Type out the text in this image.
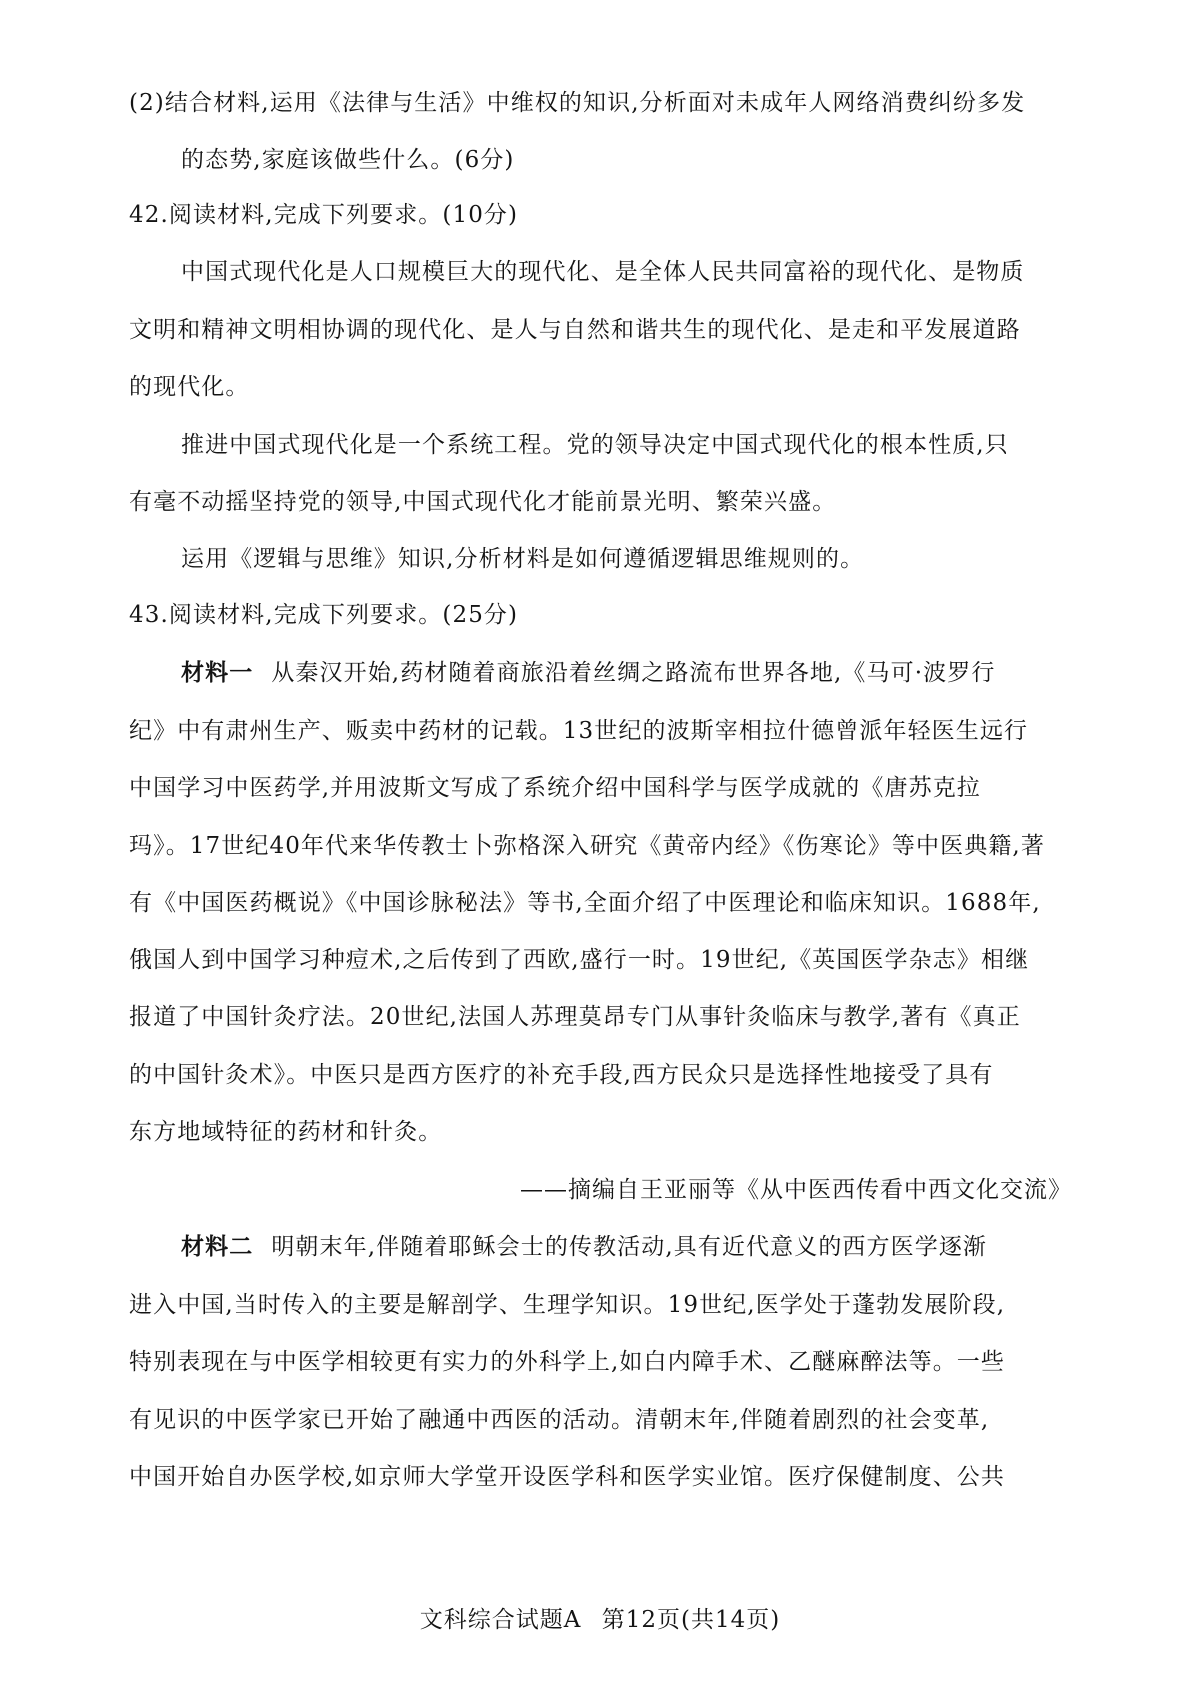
(2)结合材料,运用《法律与生活》中维权的知识,分析面对未成年人网络消费纠纷多发
的态势,家庭该做些什么。(6分)
42.阅读材料,完成下列要求。(10分)
中国式现代化是人口规模巨大的现代化、是全体人民共同富裕的现代化、是物质
文明和精神文明相协调的现代化、是人与自然和谐共生的现代化、是走和平发展道路
的现代化。
推进中国式现代化是一个系统工程。党的领导决定中国式现代化的根本性质,只
有毫不动摇坚持党的领导,中国式现代化才能前景光明、繁荣兴盛。
运用《逻辑与思维》知识,分析材料是如何遵循逻辑思维规则的。
43.阅读材料,完成下列要求。(25分)
材料一 从秦汉开始,药材随着商旅沿着丝绸之路流布世界各地,《马可·波罗行
纪》中有肃州生产、贩卖中药材的记载。13世纪的波斯宰相拉什德曾派年轻医生远行
中国学习中医药学,并用波斯文写成了系统介绍中国科学与医学成就的《唐苏克拉
玛》。17世纪40年代来华传教士卜弥格深入研究《黄帝内经》《伤寒论》等中医典籍,著
有《中国医药概说》《中国诊脉秘法》等书,全面介绍了中医理论和临床知识。1688年,
俄国人到中国学习种痘术,之后传到了西欧,盛行一时。19世纪,《英国医学杂志》相继
报道了中国针灸疗法。20世纪,法国人苏理莫昂专门从事针灸临床与教学,著有《真正
的中国针灸术》。中医只是西方医疗的补充手段,西方民众只是选择性地接受了具有
东方地域特征的药材和针灸。
——摘编自王亚丽等《从中医西传看中西文化交流》
材料二 明朝末年,伴随着耶稣会士的传教活动,具有近代意义的西方医学逐渐
进入中国,当时传入的主要是解剖学、生理学知识。19世纪,医学处于蓬勃发展阶段,
特别表现在与中医学相较更有实力的外科学上,如白内障手术、乙醚麻醉法等。一些
有见识的中医学家已开始了融通中西医的活动。清朝末年,伴随着剧烈的社会变革,
中国开始自办医学校,如京师大学堂开设医学科和医学实业馆。医疗保健制度、公共
文科综合试题A 第12页(共14页)
